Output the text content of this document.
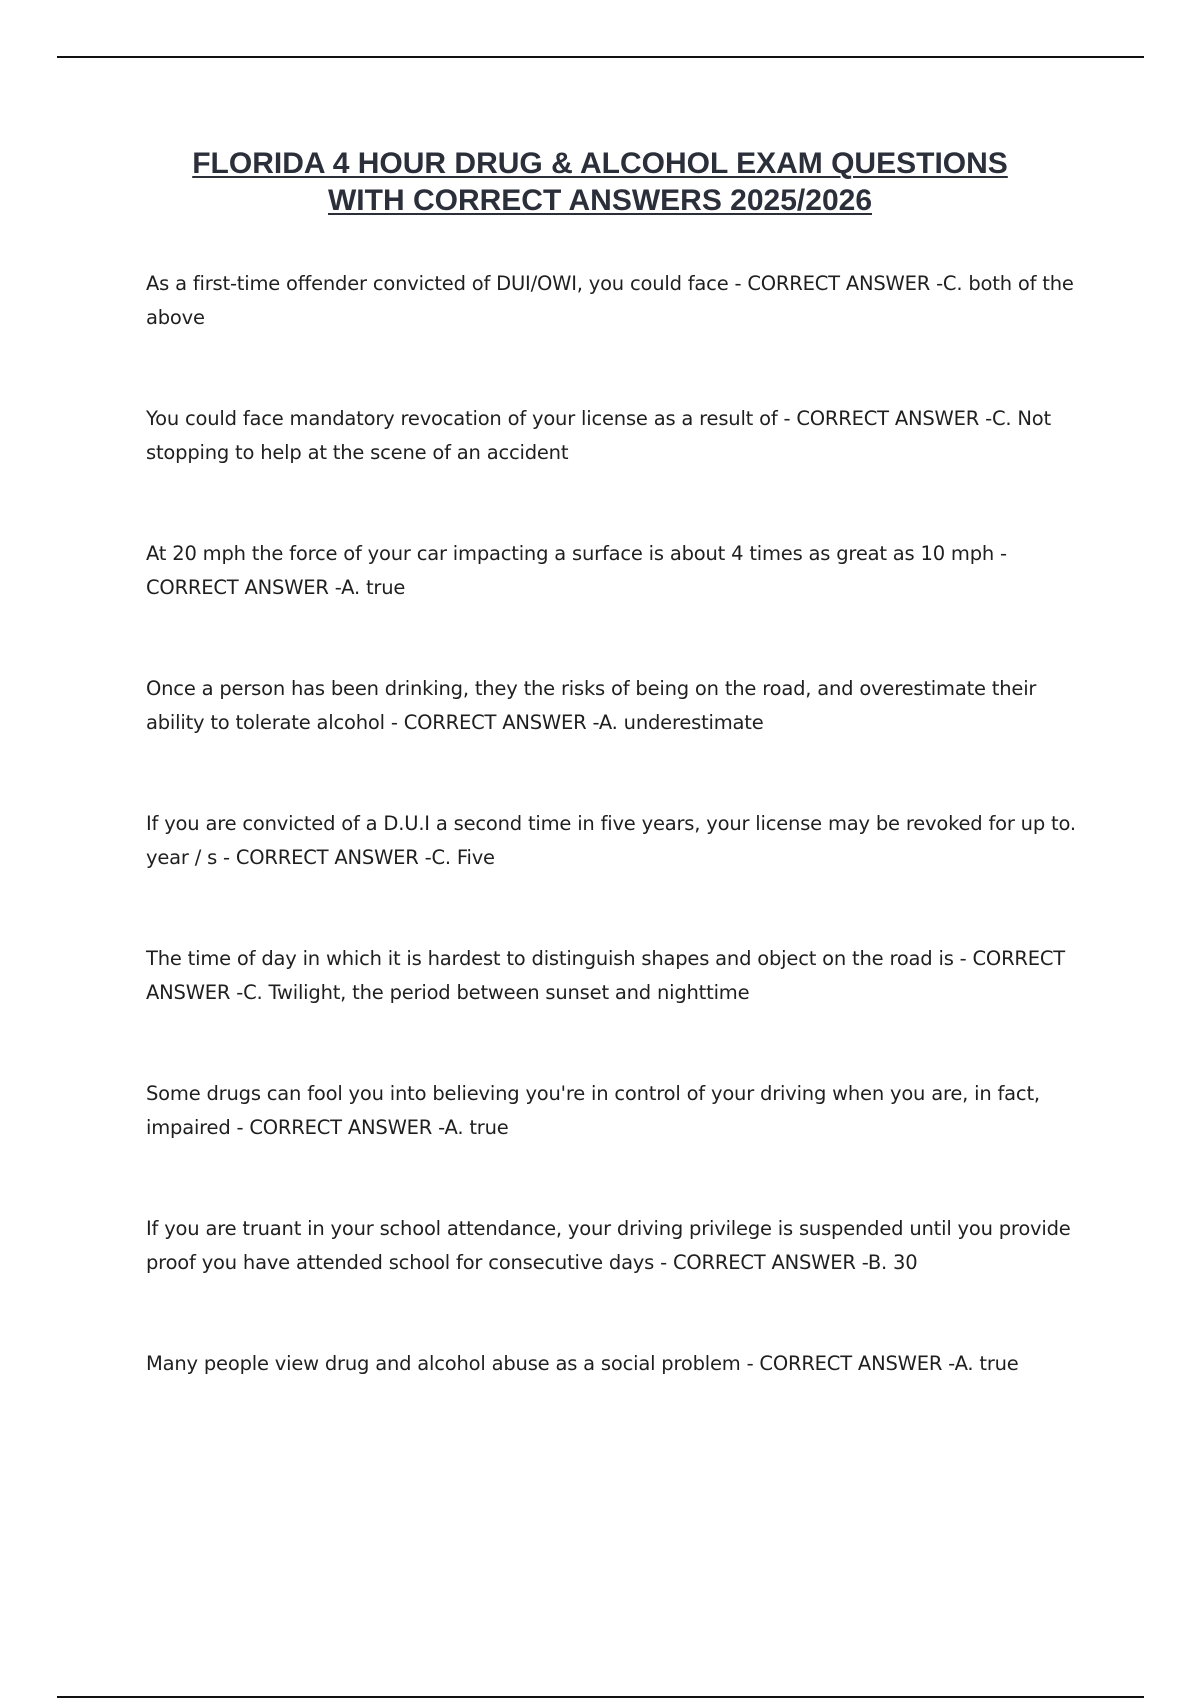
FLORIDA 4 HOUR DRUG & ALCOHOL EXAM QUESTIONS
WITH CORRECT ANSWERS 2025/2026
As a first-time offender convicted of DUI/OWI, you could face - CORRECT ANSWER -C. both of the above
You could face mandatory revocation of your license as a result of - CORRECT ANSWER -C. Not stopping to help at the scene of an accident
At 20 mph the force of your car impacting a surface is about 4 times as great as 10 mph - CORRECT ANSWER -A. true
Once a person has been drinking, they the risks of being on the road, and overestimate their ability to tolerate alcohol - CORRECT ANSWER -A. underestimate
If you are convicted of a D.U.I a second time in five years, your license may be revoked for up to. year / s - CORRECT ANSWER -C. Five
The time of day in which it is hardest to distinguish shapes and object on the road is - CORRECT ANSWER -C. Twilight, the period between sunset and nighttime
Some drugs can fool you into believing you're in control of your driving when you are, in fact, impaired - CORRECT ANSWER -A. true
If you are truant in your school attendance, your driving privilege is suspended until you provide proof you have attended school for consecutive days - CORRECT ANSWER -B. 30
Many people view drug and alcohol abuse as a social problem - CORRECT ANSWER -A. true
